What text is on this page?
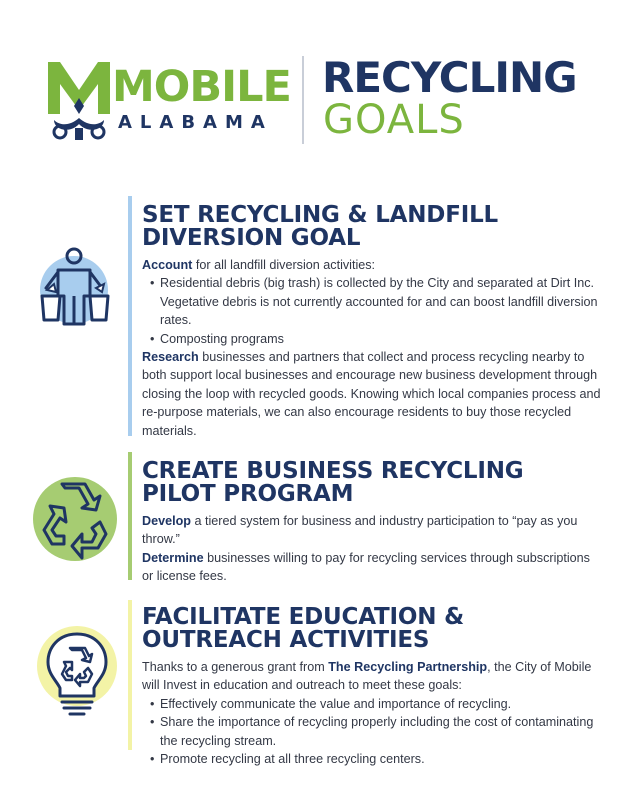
MOBILE
ALABAMA
RECYCLING
GOALS
SET RECYCLING & LANDFILL
DIVERSION GOAL

Account for all landfill diversion activities:

• Residential debris (big trash) is collected by the City and separated at Dirt Inc. Vegetative debris is not currently accounted for and can boost landfill diversion rates.
• Composting programs

Research businesses and partners that collect and process recycling nearby to both support local businesses and encourage new business development through closing the loop with recycled goods. Knowing which local companies process and re-purpose materials, we can also encourage residents to buy those recycled materials.

CREATE BUSINESS RECYCLING
PILOT PROGRAM

Develop a tiered system for business and industry participation to “pay as you throw.”

Determine businesses willing to pay for recycling services through subscriptions or license fees.

FACILITATE EDUCATION &
OUTREACH ACTIVITIES

Thanks to a generous grant from The Recycling Partnership, the City of Mobile will Invest in education and outreach to meet these goals:

• Effectively communicate the value and importance of recycling.
• Share the importance of recycling properly including the cost of contaminating the recycling stream.
• Promote recycling at all three recycling centers.
